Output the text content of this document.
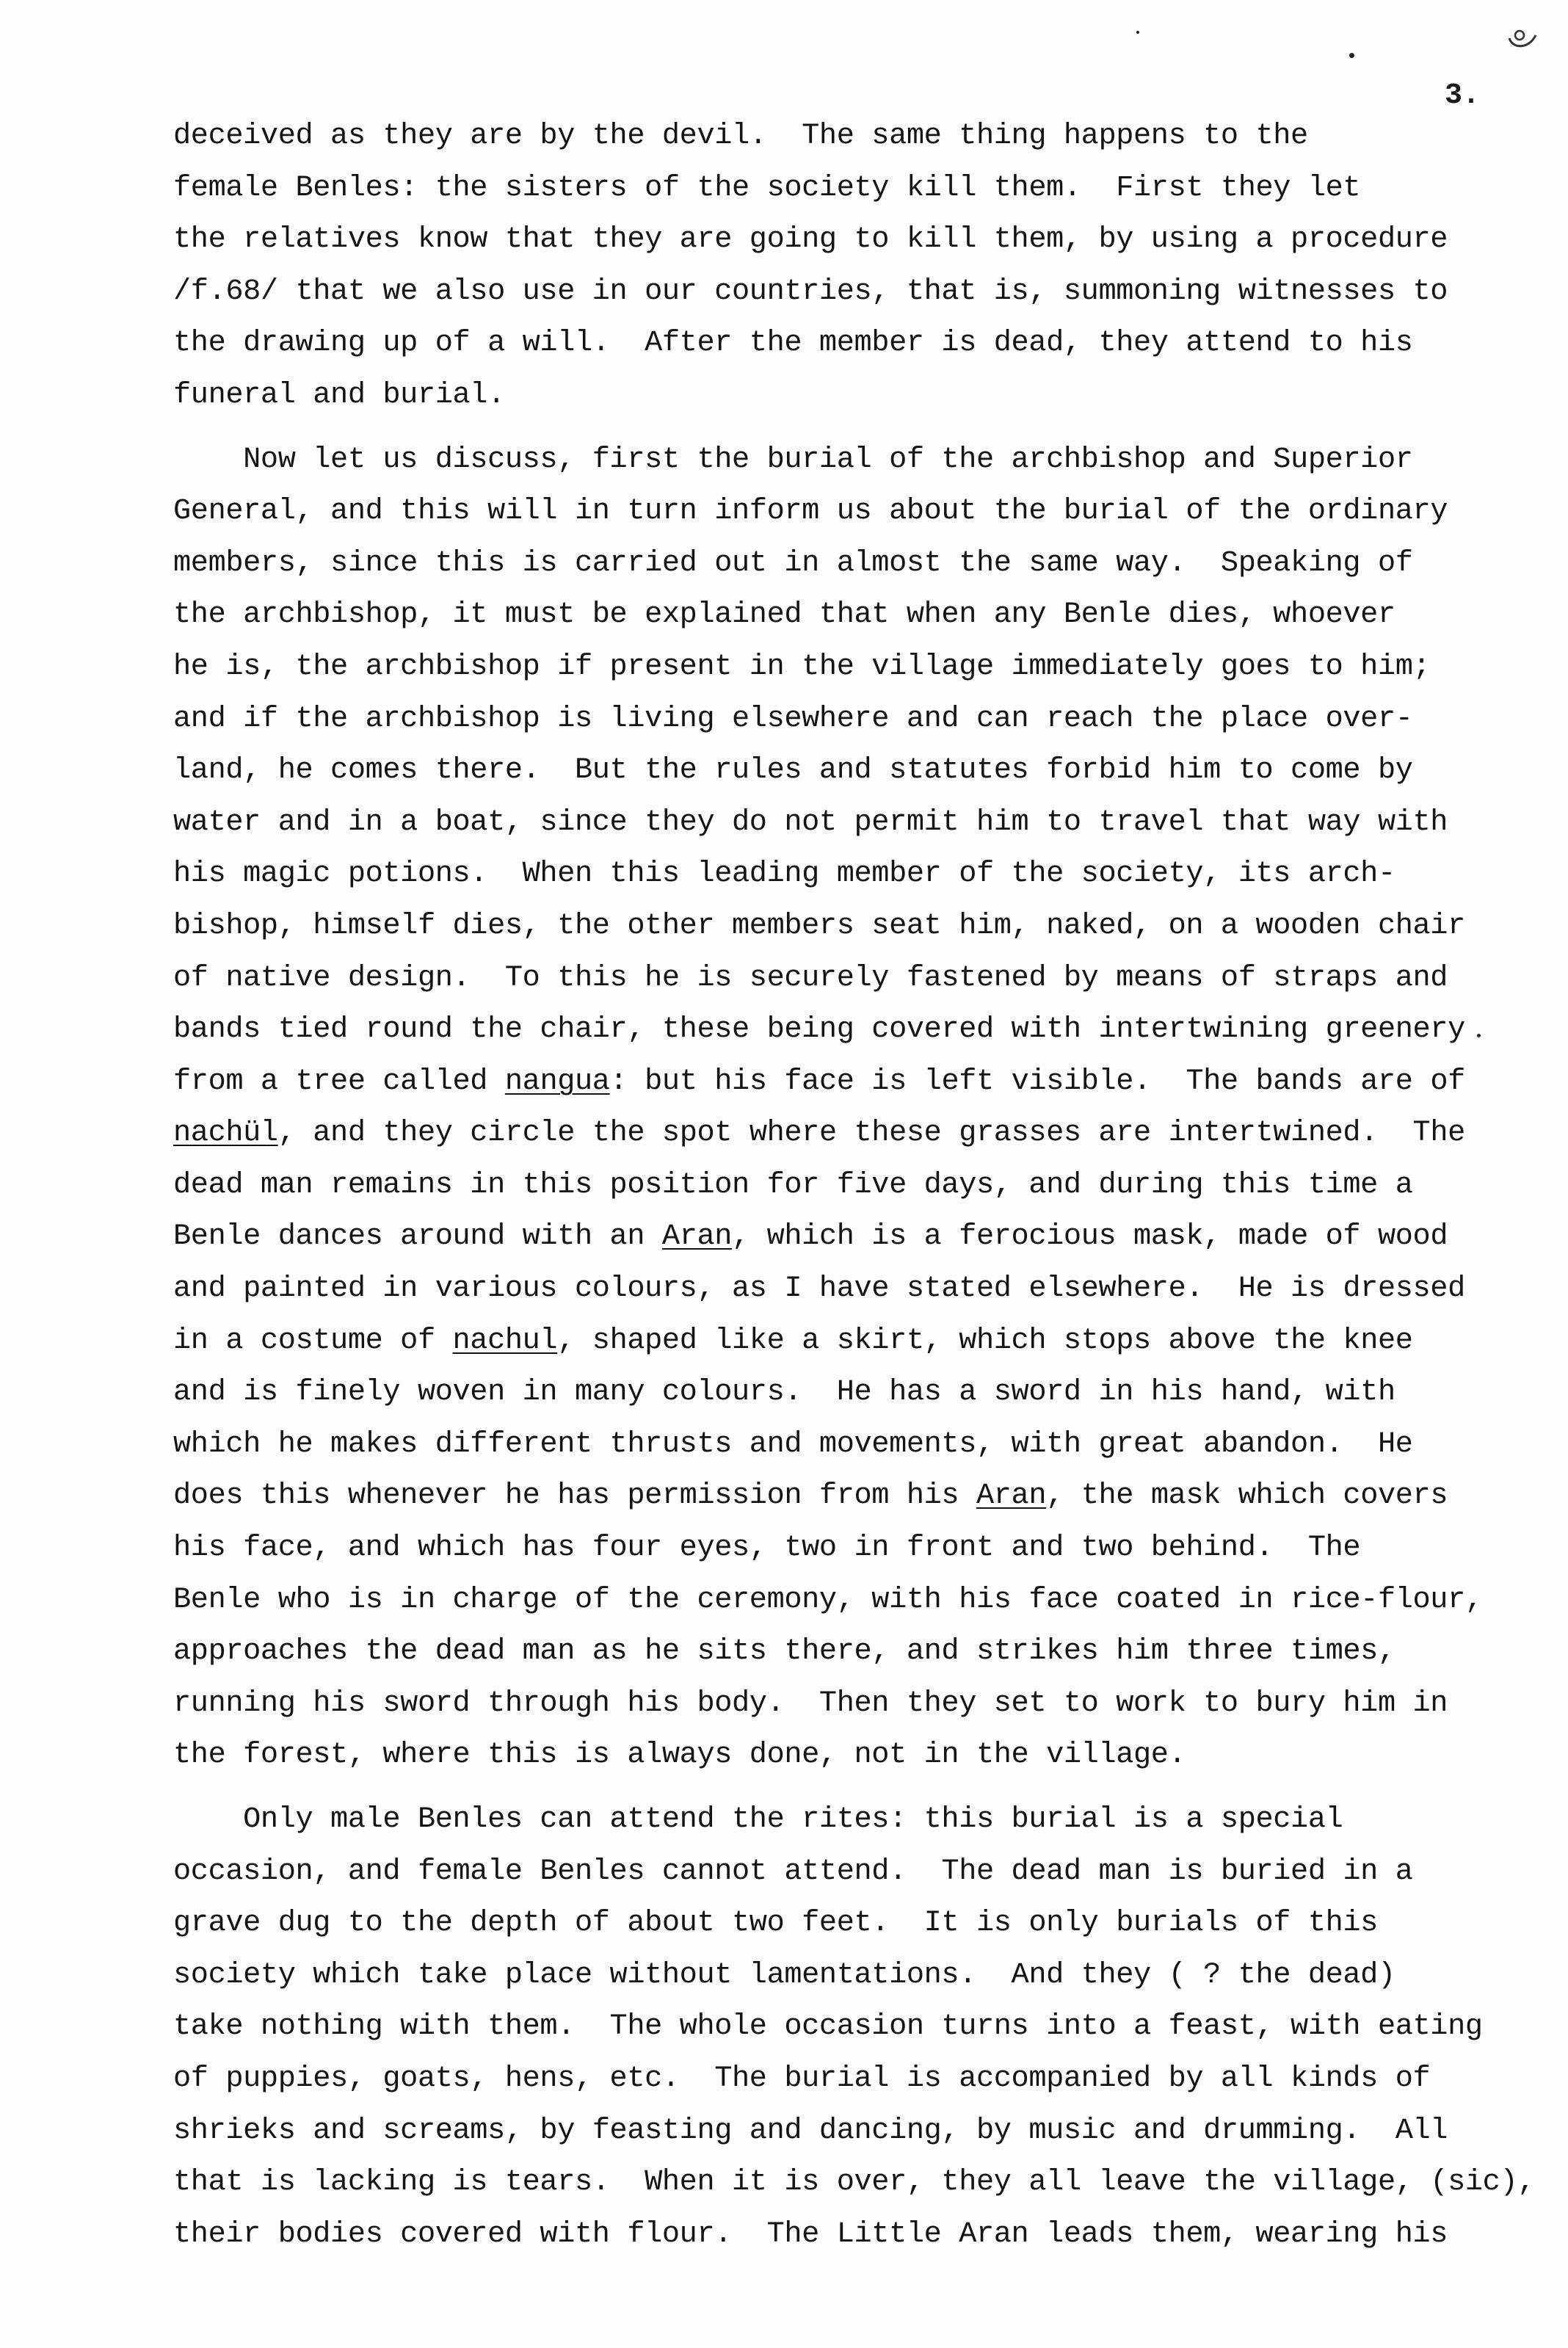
3.
deceived as they are by the devil.  The same thing happens to the
female Benles: the sisters of the society kill them.  First they let
the relatives know that they are going to kill them, by using a procedure
/f.68/ that we also use in our countries, that is, summoning witnesses to
the drawing up of a will.  After the member is dead, they attend to his
funeral and burial.
Now let us discuss, first the burial of the archbishop and Superior
General, and this will in turn inform us about the burial of the ordinary
members, since this is carried out in almost the same way.  Speaking of
the archbishop, it must be explained that when any Benle dies, whoever
he is, the archbishop if present in the village immediately goes to him;
and if the archbishop is living elsewhere and can reach the place over-
land, he comes there.  But the rules and statutes forbid him to come by
water and in a boat, since they do not permit him to travel that way with
his magic potions.  When this leading member of the society, its arch-
bishop, himself dies, the other members seat him, naked, on a wooden chair
of native design.  To this he is securely fastened by means of straps and
bands tied round the chair, these being covered with intertwining greenery
from a tree called nangua: but his face is left visible.  The bands are of
nachül, and they circle the spot where these grasses are intertwined.  The
dead man remains in this position for five days, and during this time a
Benle dances around with an Aran, which is a ferocious mask, made of wood
and painted in various colours, as I have stated elsewhere.  He is dressed
in a costume of nachul, shaped like a skirt, which stops above the knee
and is finely woven in many colours.  He has a sword in his hand, with
which he makes different thrusts and movements, with great abandon.  He
does this whenever he has permission from his Aran, the mask which covers
his face, and which has four eyes, two in front and two behind.  The
Benle who is in charge of the ceremony, with his face coated in rice-flour,
approaches the dead man as he sits there, and strikes him three times,
running his sword through his body.  Then they set to work to bury him in
the forest, where this is always done, not in the village.
Only male Benles can attend the rites: this burial is a special
occasion, and female Benles cannot attend.  The dead man is buried in a
grave dug to the depth of about two feet.  It is only burials of this
society which take place without lamentations.  And they ( ? the dead)
take nothing with them.  The whole occasion turns into a feast, with eating
of puppies, goats, hens, etc.  The burial is accompanied by all kinds of
shrieks and screams, by feasting and dancing, by music and drumming.  All
that is lacking is tears.  When it is over, they all leave the village, (sic),
their bodies covered with flour.  The Little Aran leads them, wearing his
